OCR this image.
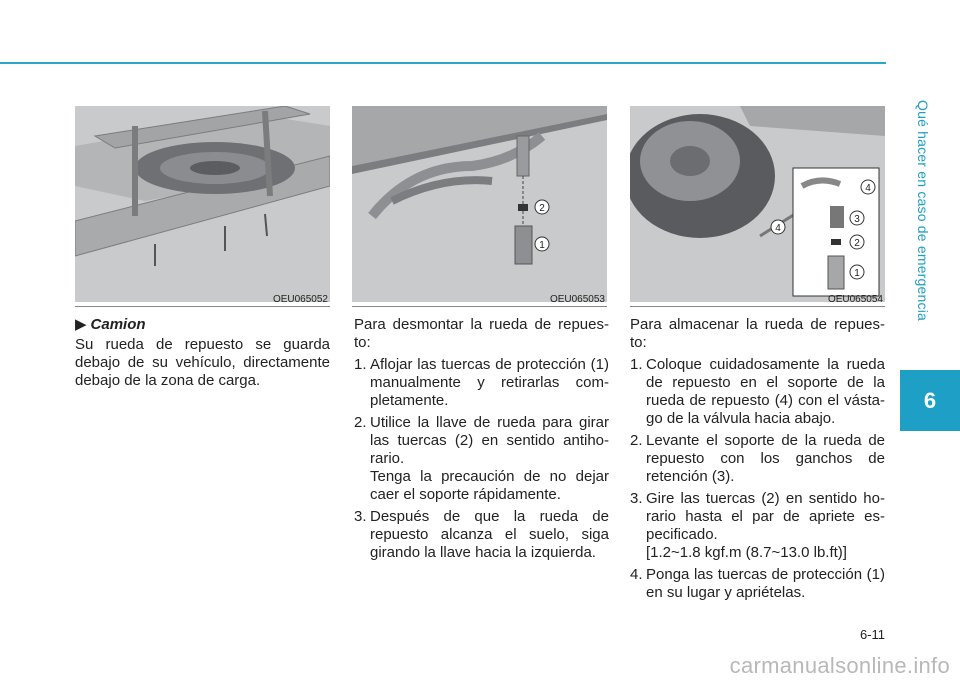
Qué hacer en caso de emergencia
6
OEU065052
2
1
OEU065053
4
4
3
2
1
OEU065054
▶ Camion

Su rueda de repuesto se guarda debajo de su vehículo, directamente debajo de la zona de carga.

Para desmontar la rueda de repues-to:

1. Aflojar las tuercas de protección (1) manualmente y retirarlas com-pletamente.
2. Utilice la llave de rueda para girar las tuercas (2) en sentido antiho-rario.

Tenga la precaución de no dejar caer el soporte rápidamente.

3. Después de que la rueda de repuesto alcanza el suelo, siga girando la llave hacia la izquierda.

Para almacenar la rueda de repues-to:

1. Coloque cuidadosamente la rueda de repuesto en el soporte de la rueda de repuesto (4) con el vásta-go de la válvula hacia abajo.
2. Levante el soporte de la rueda de repuesto con los ganchos de retención (3).
3. Gire las tuercas (2) en sentido ho-rario hasta el par de apriete es-pecificado.

[1.2~1.8 kgf.m (8.7~13.0 lb.ft)]

4. Ponga las tuercas de protección (1) en su lugar y apriételas.
6-11
carmanualsonline.info
